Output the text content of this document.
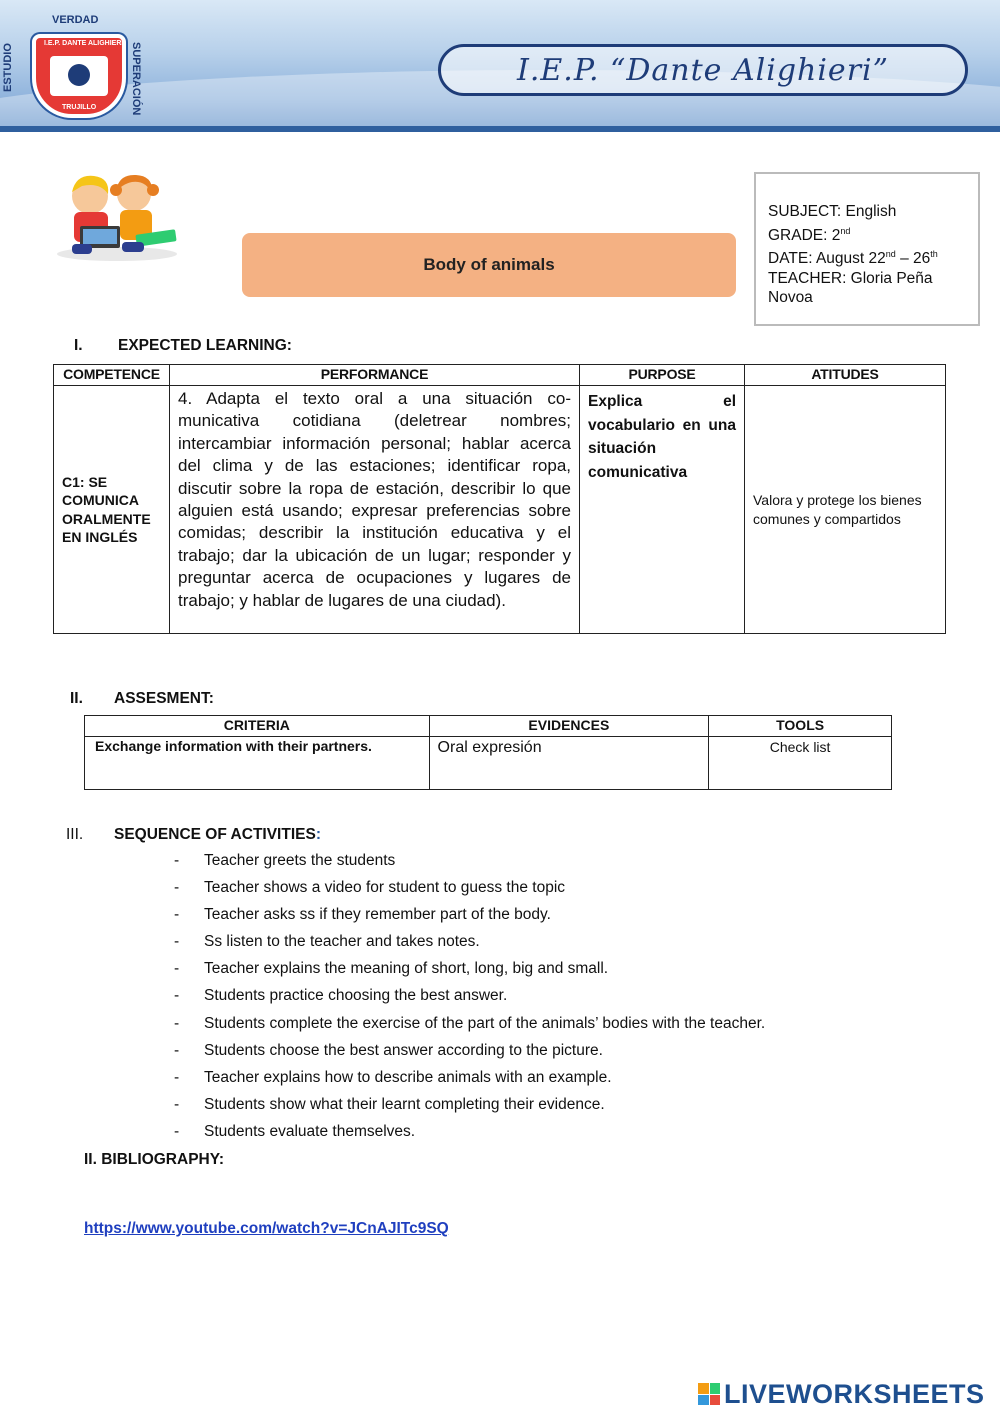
VERDAD
ESTUDIO	SUPERACIÓN
I.E.P. DANTE ALIGHIERI
TRUJILLO
I.E.P. “Dante Alighieri”
Body of animals
SUBJECT: English
GRADE: 2nd
DATE: August 22nd – 26th
TEACHER: Gloria Peña Novoa
I. EXPECTED LEARNING:
COMPETENCE	PERFORMANCE	PURPOSE	ATITUDES
C1: SE COMUNICA ORALMENTE EN INGLÉS	4. Adapta el texto oral a una situación co-municativa cotidiana (deletrear nombres; intercambiar información personal; hablar acerca del clima y de las estaciones; identificar ropa, discutir sobre la ropa de estación, describir lo que alguien está usando; expresar preferencias sobre comidas; describir la institución educativa y el trabajo; dar la ubicación de un lugar; responder y preguntar acerca de ocupaciones y lugares de trabajo; y hablar de lugares de una ciudad).	Explica el vocabulario en una situación comunicativa	Valora y protege los bienes comunes y compartidos
II. ASSESMENT:
CRITERIA	EVIDENCES	TOOLS
Exchange information with their partners.	Oral expresión	Check list
III. SEQUENCE OF ACTIVITIES:
-	Teacher greets the students
-	Teacher shows a video for student to guess the topic
-	Teacher asks ss if they remember part of the body.
-	Ss listen to the teacher and takes notes.
-	Teacher explains the meaning of short, long, big and small.
-	Students practice choosing the best answer.
-	Students complete the exercise of the part of the animals’ bodies with the teacher.
-	Students choose the best answer according to the picture.
-	Teacher explains how to describe animals with an example.
-	Students show what their learnt completing their evidence.
-	Students evaluate themselves.
II. BIBLIOGRAPHY:
https://www.youtube.com/watch?v=JCnAJITc9SQ
LIVEWORKSHEETS
